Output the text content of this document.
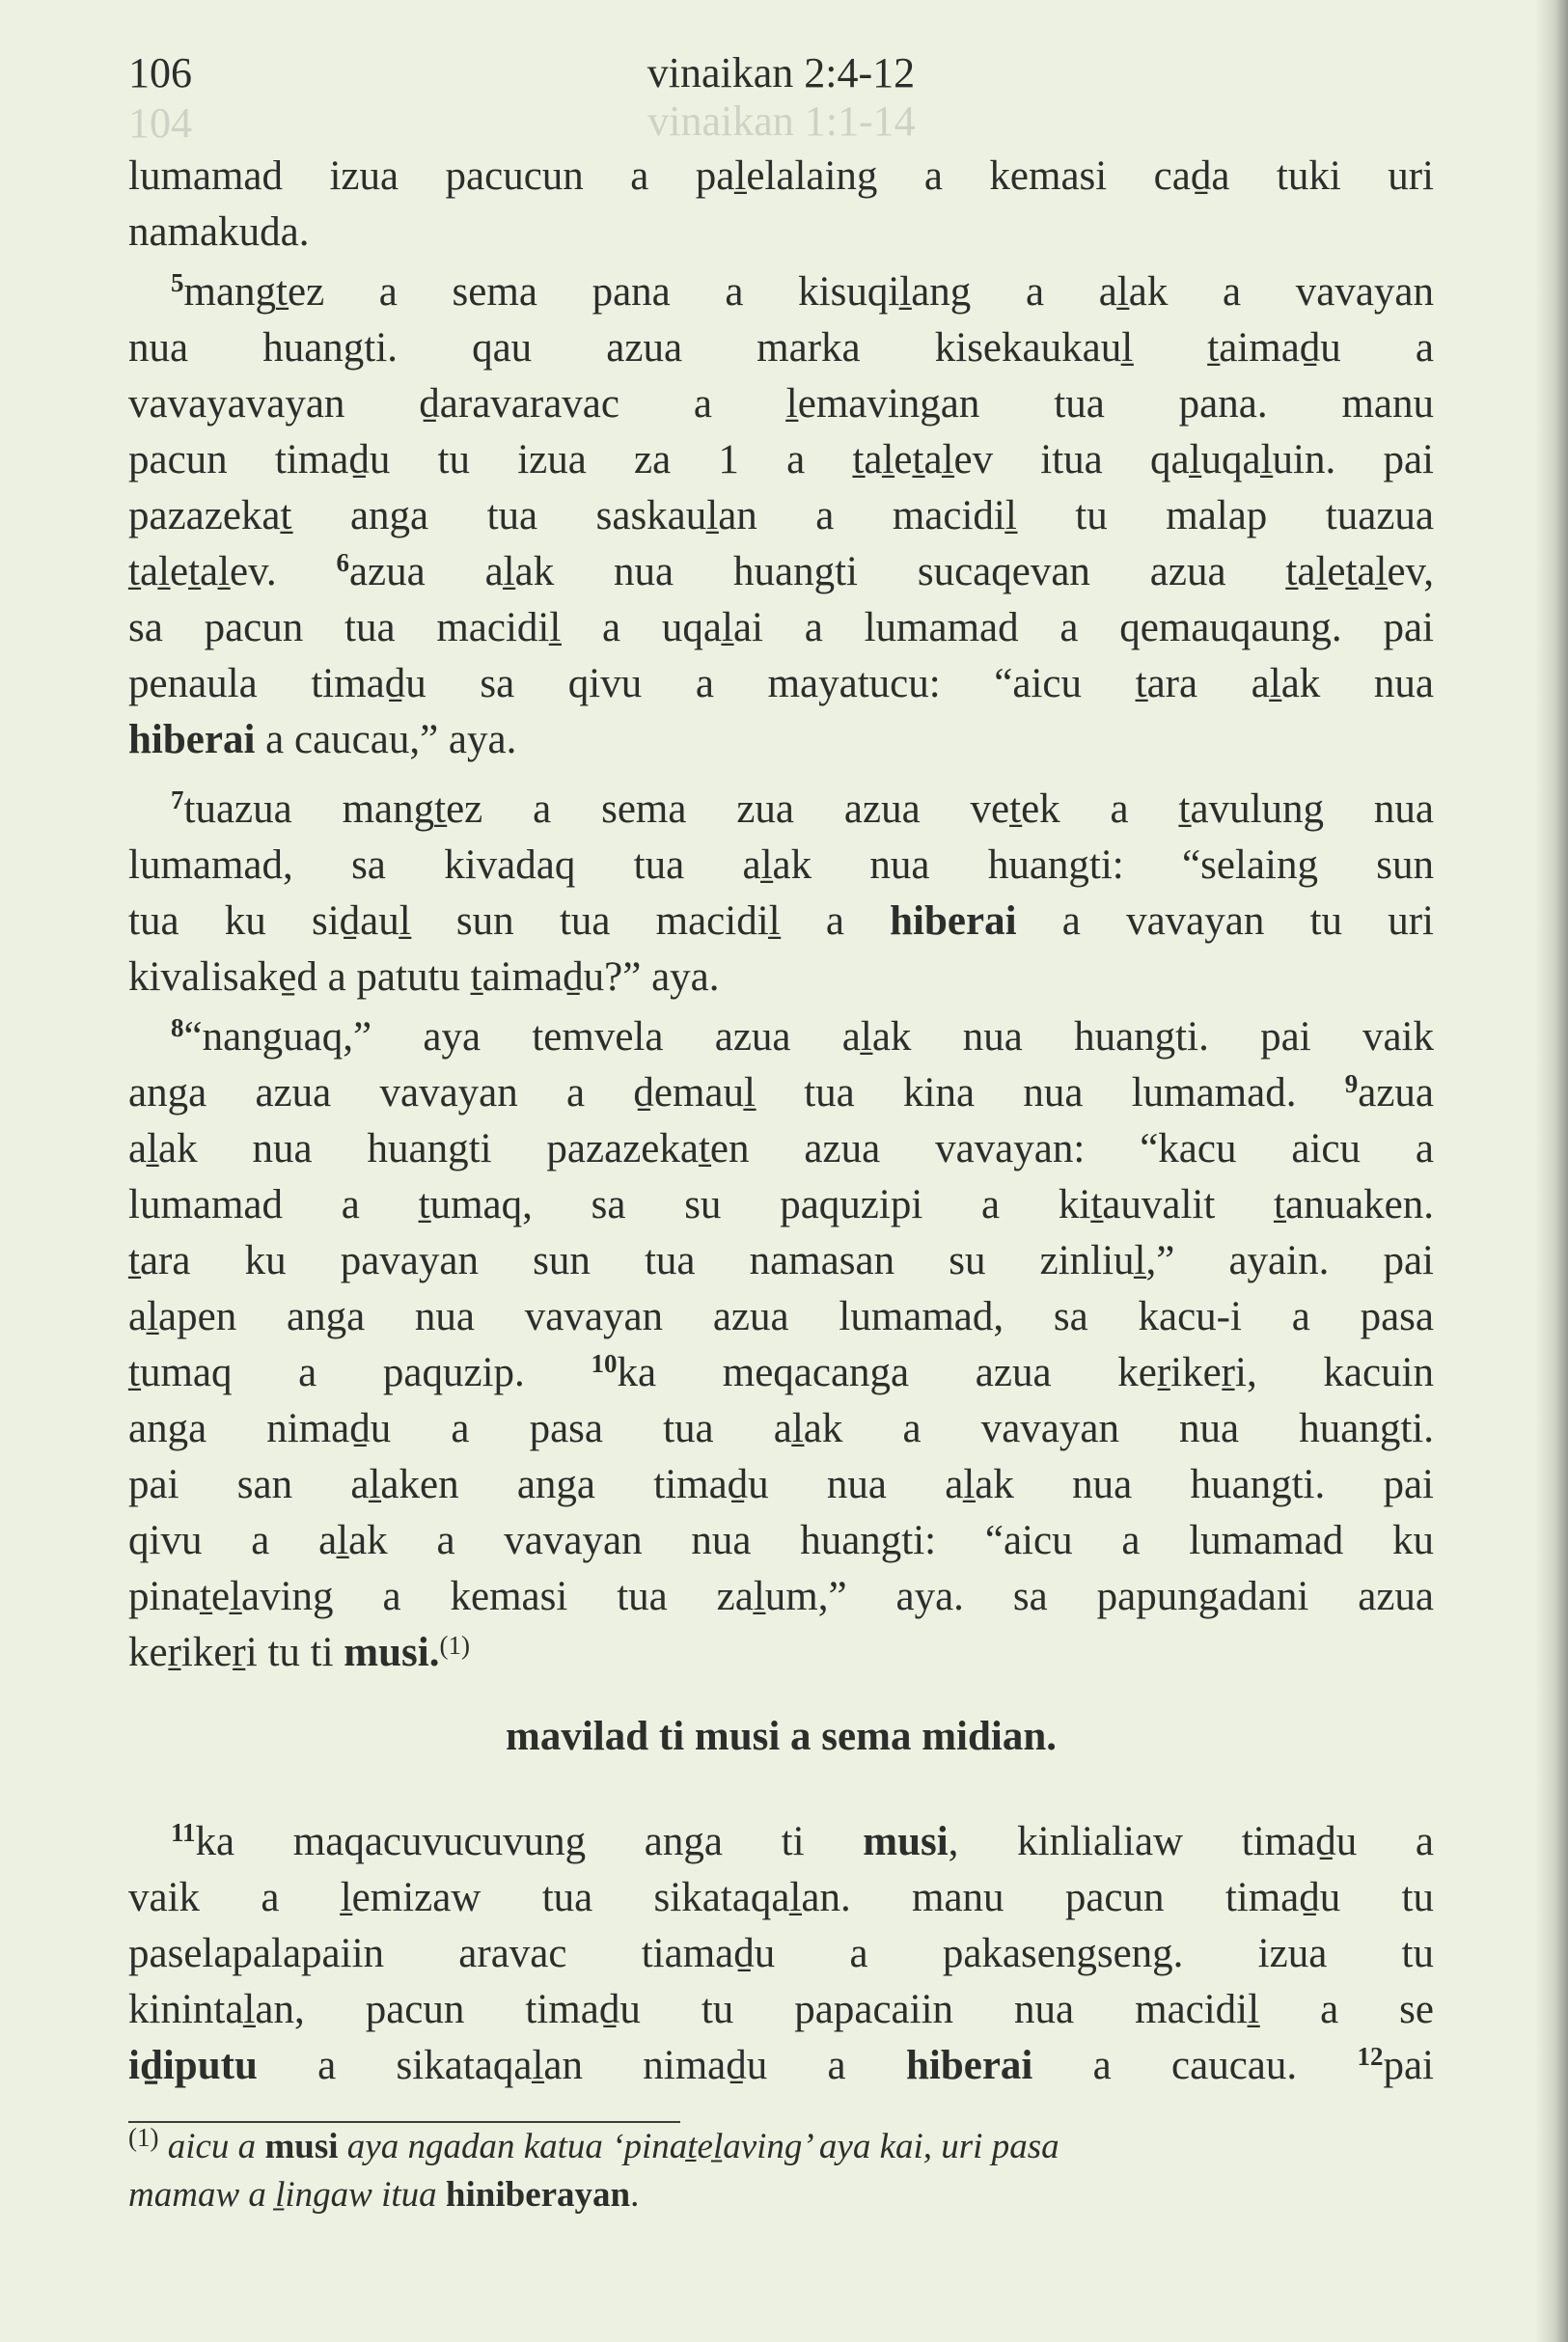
104	vinaikan 1:1-14
106	vinaikan 2:4-12
lumamad izua pacucun a paḻelalaing a kemasi caḏa tuki uri
namakuda.
$^5$mangṯez a sema pana a kisuqiḻang a aḻak a vavayan
nua huangti. qau azua marka kisekaukauḻ ṯaimaḏu a
vavayavayan ḏaravaravac a ḻemavingan tua pana. manu
pacun timaḏu tu izua za 1 a ṯaḻeṯaḻev itua qaḻuqaḻuin. pai
pazazekaṯ anga tua saskauḻan a macidiḻ tu malap tuazua
ṯaḻeṯaḻev. $^6$azua aḻak nua huangti sucaqevan azua ṯaḻeṯaḻev,
sa pacun tua macidiḻ a uqaḻai a lumamad a qemauqaung. pai
penaula timaḏu sa qivu a mayatucu: “aicu ṯara aḻak nua
hiberai a caucau,” aya.
$^7$tuazua mangṯez a sema zua azua veṯek a ṯavulung nua
lumamad, sa kivadaq tua aḻak nua huangti: “selaing sun
tua ku siḏauḻ sun tua macidiḻ a hiberai a vavayan tu uri
kivalisake̱d a patutu ṯaimaḏu?” aya.
$^8$“nanguaq,” aya temvela azua aḻak nua huangti. pai vaik
anga azua vavayan a ḏemauḻ tua kina nua lumamad. $^9$azua
aḻak nua huangti pazazekaṯen azua vavayan: “kacu aicu a
lumamad a ṯumaq, sa su paquzipi a kiṯauvalit ṯanuaken.
ṯara ku pavayan sun tua namasan su zinliuḻ,” ayain. pai
aḻapen anga nua vavayan azua lumamad, sa kacu-i a pasa
ṯumaq a paquzip. $^{10}$ka meqacanga azua keṟikeṟi, kacuin
anga nimaḏu a pasa tua aḻak a vavayan nua huangti.
pai san aḻaken anga timaḏu nua aḻak nua huangti. pai
qivu a aḻak a vavayan nua huangti: “aicu a lumamad ku
pinaṯeḻaving a kemasi tua zaḻum,” aya. sa papungadani azua
keṟikeṟi tu ti musi.$^{(1)}$
mavilad ti musi a sema midian.
$^{11}$ka maqacuvucuvung anga ti musi, kinlialiaw timaḏu a
vaik a ḻemizaw tua sikataqaḻan. manu pacun timaḏu tu
paselapalapaiin aravac tiamaḏu a pakasengseng. izua tu
kinintaḻan, pacun timaḏu tu papacaiin nua macidiḻ a se
iḏiputu a sikataqaḻan nimaḏu a hiberai a caucau. $^{12}$pai
$^{(1)}$ aicu a musi aya ngadan katua ‘pinaṯeḻaving’ aya kai, uri pasa
mamaw a ḻingaw itua hiniberayan.
